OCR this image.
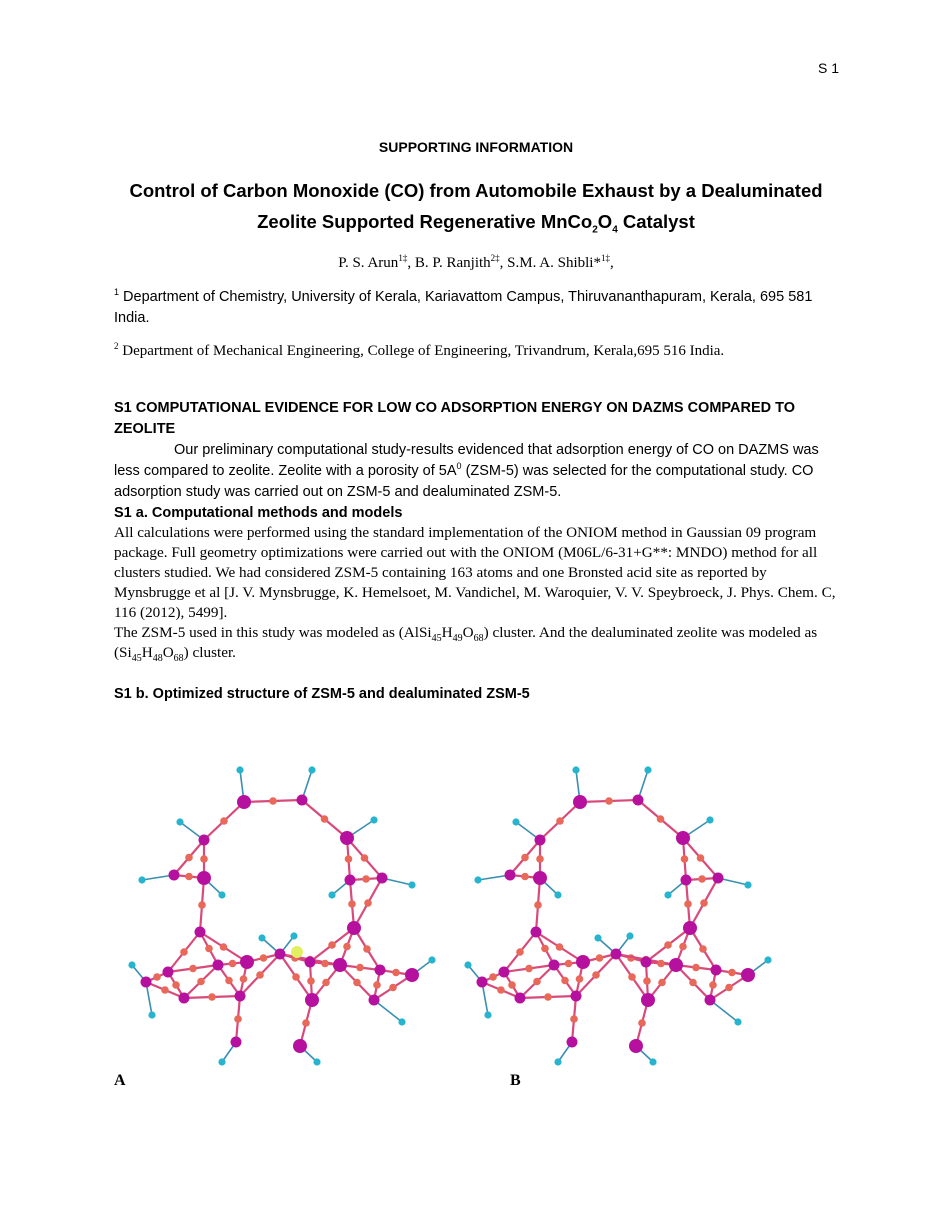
S 1
SUPPORTING INFORMATION
Control of Carbon Monoxide (CO) from Automobile Exhaust by a Dealuminated
Zeolite Supported Regenerative $MnCo_2O_4$ Catalyst
P. S. Arun$^{1\ddagger}$, B. P. Ranjith$^{2\ddagger}$, S.M. A. Shibli*$^{1\ddagger}$,
$^1$ Department of Chemistry, University of Kerala, Kariavattom Campus, Thiruvananthapuram, Kerala, 695 581 India.
$^2$ Department of Mechanical Engineering, College of Engineering, Trivandrum, Kerala,695 516 India.
S1 COMPUTATIONAL EVIDENCE FOR LOW CO ADSORPTION ENERGY ON DAZMS COMPARED TO ZEOLITE
Our preliminary computational study-results evidenced that adsorption energy of CO on DAZMS was less compared to zeolite. Zeolite with a porosity of $5A^0$ (ZSM-5) was selected for the computational study. CO adsorption study was carried out on ZSM-5 and dealuminated ZSM-5.
S1 a. Computational methods and models
All calculations were performed using the standard implementation of the ONIOM method in Gaussian 09 program package. Full geometry optimizations were carried out with the ONIOM (M06L/6-31+G**: MNDO) method for all clusters studied. We had considered ZSM-5 containing 163 atoms and one Bronsted acid site as reported by Mynsbrugge et al [J. V. Mynsbrugge, K. Hemelsoet, M. Vandichel, M. Waroquier, V. V. Speybroeck, J. Phys. Chem. C, 116 (2012), 5499].
The ZSM-5 used in this study was modeled as $(AlSi_{45}H_{49}O_{68})$ cluster. And the dealuminated zeolite was modeled as $(Si_{45}H_{48}O_{68})$ cluster.
S1 b. Optimized structure of ZSM-5 and dealuminated ZSM-5
A	B
